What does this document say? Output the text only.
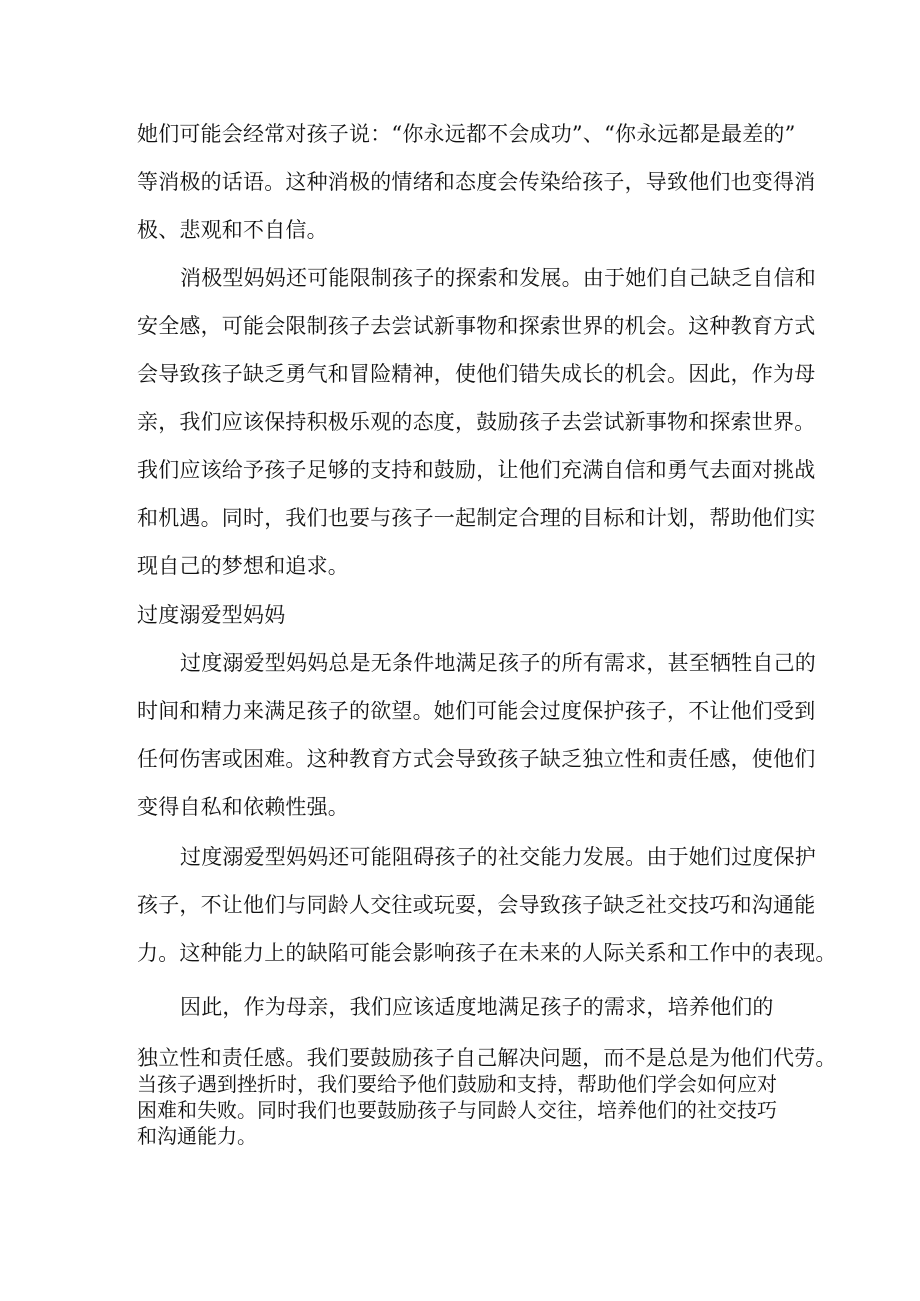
她们可能会经常对孩子说：“你永远都不会成功”、“你永远都是最差的”
等消极的话语。这种消极的情绪和态度会传染给孩子，导致他们也变得消
极、悲观和不自信。
消极型妈妈还可能限制孩子的探索和发展。由于她们自己缺乏自信和
安全感，可能会限制孩子去尝试新事物和探索世界的机会。这种教育方式
会导致孩子缺乏勇气和冒险精神，使他们错失成长的机会。因此，作为母
亲，我们应该保持积极乐观的态度，鼓励孩子去尝试新事物和探索世界。
我们应该给予孩子足够的支持和鼓励，让他们充满自信和勇气去面对挑战
和机遇。同时，我们也要与孩子一起制定合理的目标和计划，帮助他们实
现自己的梦想和追求。
过度溺爱型妈妈
过度溺爱型妈妈总是无条件地满足孩子的所有需求，甚至牺牲自己的
时间和精力来满足孩子的欲望。她们可能会过度保护孩子，不让他们受到
任何伤害或困难。这种教育方式会导致孩子缺乏独立性和责任感，使他们
变得自私和依赖性强。
过度溺爱型妈妈还可能阻碍孩子的社交能力发展。由于她们过度保护
孩子，不让他们与同龄人交往或玩耍，会导致孩子缺乏社交技巧和沟通能
力。这种能力上的缺陷可能会影响孩子在未来的人际关系和工作中的表现。
因此，作为母亲，我们应该适度地满足孩子的需求，培养他们的
独立性和责任感。我们要鼓励孩子自己解决问题，而不是总是为他们代劳。
当孩子遇到挫折时，我们要给予他们鼓励和支持，帮助他们学会如何应对
困难和失败。同时我们也要鼓励孩子与同龄人交往，培养他们的社交技巧
和沟通能力。
